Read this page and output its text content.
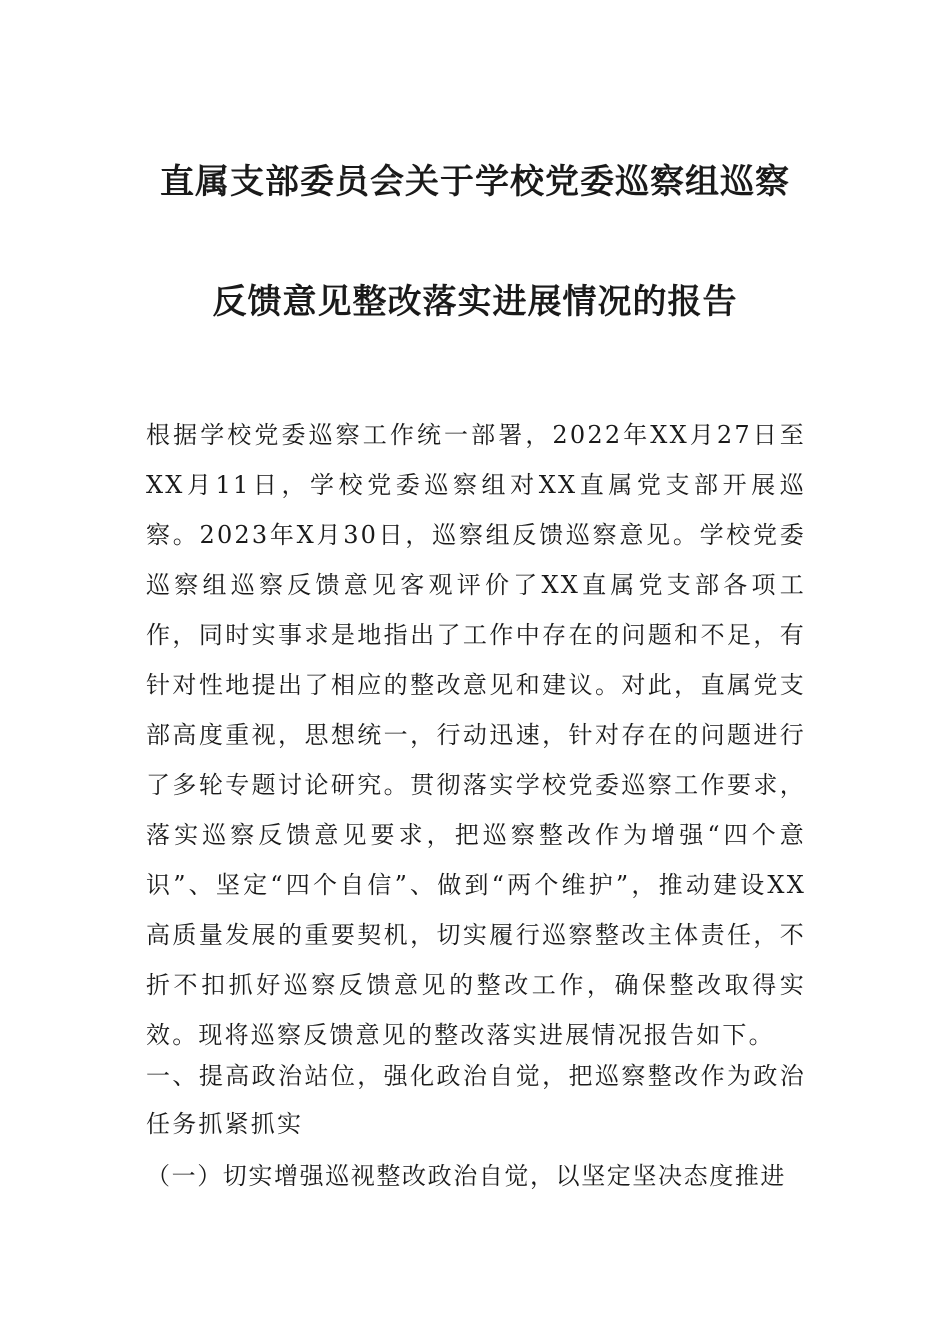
直属支部委员会关于学校党委巡察组巡察
反馈意见整改落实进展情况的报告

根据学校党委巡察工作统一部署，2022年XX月27日至XX月11日，学校党委巡察组对XX直属党支部开展巡察。2023年X月30日，巡察组反馈巡察意见。学校党委巡察组巡察反馈意见客观评价了XX直属党支部各项工作，同时实事求是地指出了工作中存在的问题和不足，有针对性地提出了相应的整改意见和建议。对此，直属党支部高度重视，思想统一，行动迅速，针对存在的问题进行了多轮专题讨论研究。贯彻落实学校党委巡察工作要求，落实巡察反馈意见要求，把巡察整改作为增强“四个意识”、坚定“四个自信”、做到“两个维护”，推动建设XX高质量发展的重要契机，切实履行巡察整改主体责任，不折不扣抓好巡察反馈意见的整改工作，确保整改取得实效。现将巡察反馈意见的整改落实进展情况报告如下。

一、提高政治站位，强化政治自觉，把巡察整改作为政治任务抓紧抓实

（一）切实增强巡视整改政治自觉，以坚定坚决态度推进
